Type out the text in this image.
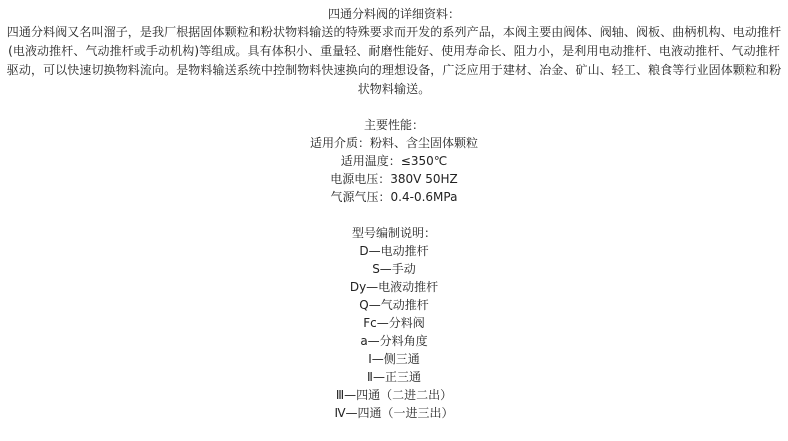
四通分料阀的详细资料：

四通分料阀又名叫溜子，是我厂根据固体颗粒和粉状物料输送的特殊要求而开发的系列产品，本阀主要由阀体、阀轴、阀板、曲柄机构、电动推杆(电液动推杆、气动推杆或手动机构)等组成。具有体积小、重量轻、耐磨性能好、使用寿命长、阻力小，是利用电动推杆、电液动推杆、气动推杆驱动，可以快速切换物料流向。是物料输送系统中控制物料快速换向的理想设备，广泛应用于建材、冶金、矿山、轻工、粮食等行业固体颗粒和粉状物料输送。

主要性能：
适用介质：粉料、含尘固体颗粒
适用温度：≤350℃
电源电压：380V 50HZ
气源气压：0.4-0.6MPa
型号编制说明：
D—电动推杆
S—手动
Dy—电液动推杆
Q—气动推杆
Fc—分料阀
a—分料角度
Ⅰ—侧三通
Ⅱ—正三通
Ⅲ—四通（二进二出）
Ⅳ—四通（一进三出）
